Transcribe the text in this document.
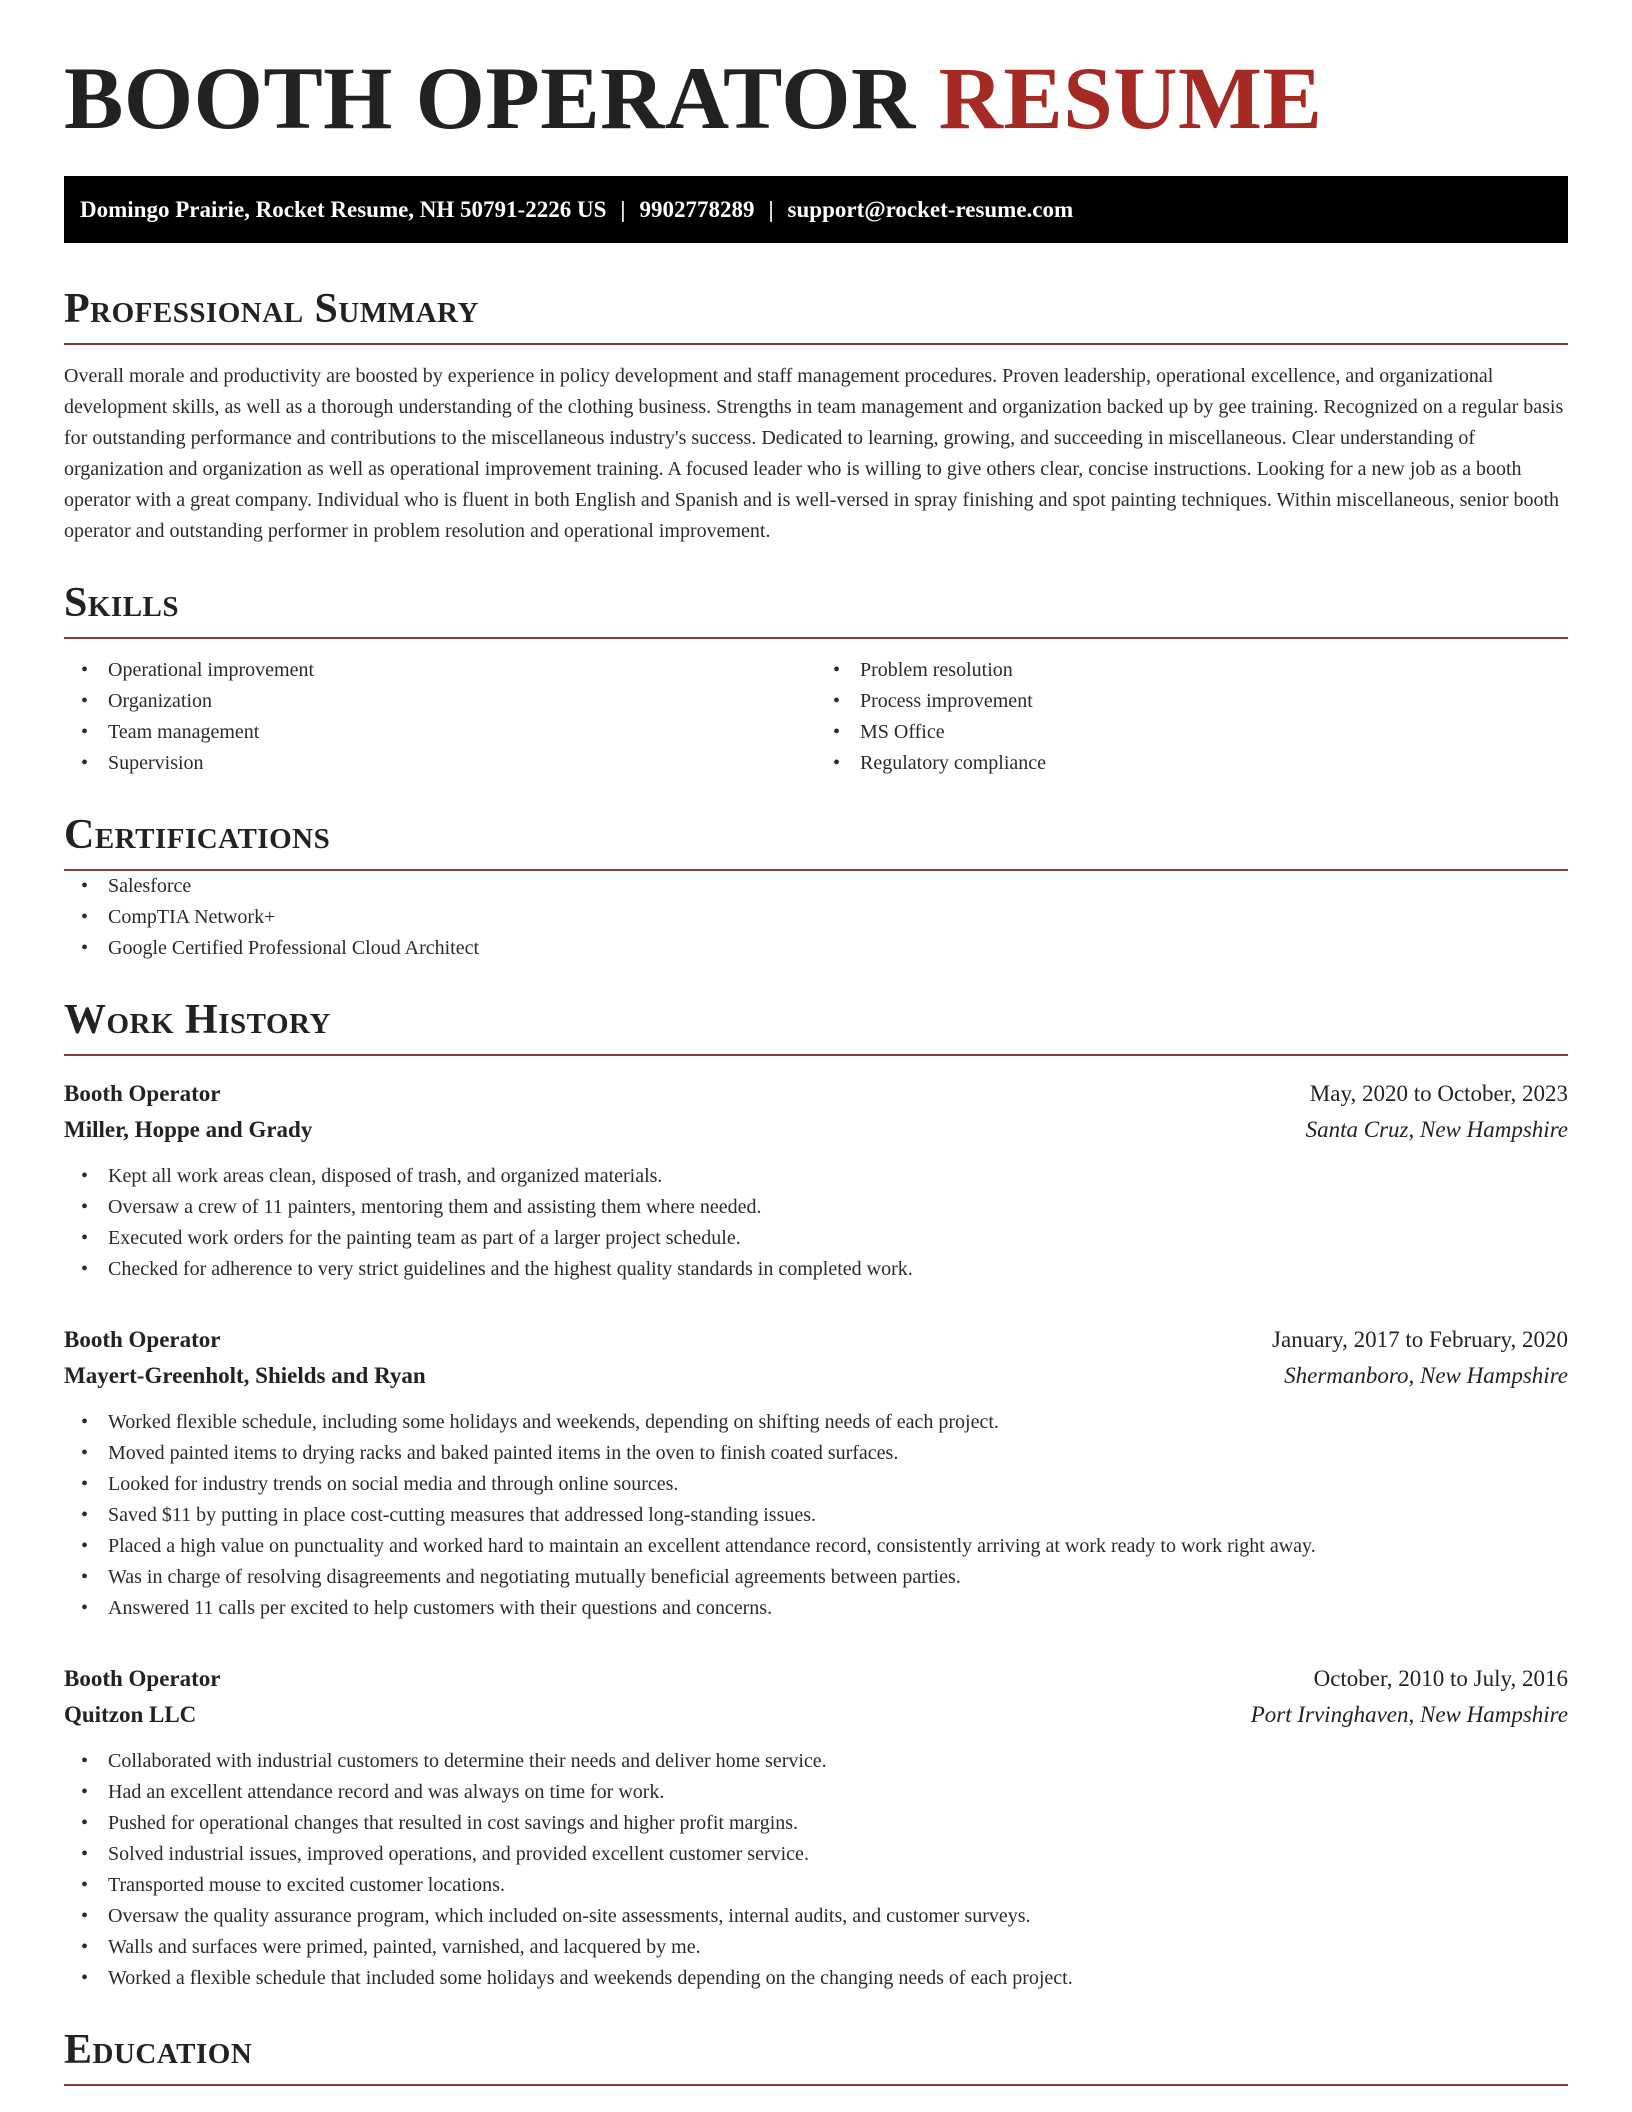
BOOTH OPERATOR RESUME
Domingo Prairie, Rocket Resume, NH 50791-2226 US | 9902778289 | support@rocket-resume.com
Professional Summary

Overall morale and productivity are boosted by experience in policy development and staff management procedures. Proven leadership, operational excellence, and organizational development skills, as well as a thorough understanding of the clothing business. Strengths in team management and organization backed up by gee training. Recognized on a regular basis for outstanding performance and contributions to the miscellaneous industry's success. Dedicated to learning, growing, and succeeding in miscellaneous. Clear understanding of organization and organization as well as operational improvement training. A focused leader who is willing to give others clear, concise instructions. Looking for a new job as a booth operator with a great company. Individual who is fluent in both English and Spanish and is well-versed in spray finishing and spot painting techniques. Within miscellaneous, senior booth operator and outstanding performer in problem resolution and operational improvement.

Skills
• Operational improvement
• Organization
• Team management
• Supervision
• Problem resolution
• Process improvement
• MS Office
• Regulatory compliance
Certifications
• Salesforce
• CompTIA Network+
• Google Certified Professional Cloud Architect
Work History
Booth Operator	May, 2020 to October, 2023
Miller, Hoppe and Grady	Santa Cruz, New Hampshire
• Kept all work areas clean, disposed of trash, and organized materials.
• Oversaw a crew of 11 painters, mentoring them and assisting them where needed.
• Executed work orders for the painting team as part of a larger project schedule.
• Checked for adherence to very strict guidelines and the highest quality standards in completed work.
Booth Operator	January, 2017 to February, 2020
Mayert-Greenholt, Shields and Ryan	Shermanboro, New Hampshire
• Worked flexible schedule, including some holidays and weekends, depending on shifting needs of each project.
• Moved painted items to drying racks and baked painted items in the oven to finish coated surfaces.
• Looked for industry trends on social media and through online sources.
• Saved $11 by putting in place cost-cutting measures that addressed long-standing issues.
• Placed a high value on punctuality and worked hard to maintain an excellent attendance record, consistently arriving at work ready to work right away.
• Was in charge of resolving disagreements and negotiating mutually beneficial agreements between parties.
• Answered 11 calls per excited to help customers with their questions and concerns.
Booth Operator	October, 2010 to July, 2016
Quitzon LLC	Port Irvinghaven, New Hampshire
• Collaborated with industrial customers to determine their needs and deliver home service.
• Had an excellent attendance record and was always on time for work.
• Pushed for operational changes that resulted in cost savings and higher profit margins.
• Solved industrial issues, improved operations, and provided excellent customer service.
• Transported mouse to excited customer locations.
• Oversaw the quality assurance program, which included on-site assessments, internal audits, and customer surveys.
• Walls and surfaces were primed, painted, varnished, and lacquered by me.
• Worked a flexible schedule that included some holidays and weekends depending on the changing needs of each project.
Education
